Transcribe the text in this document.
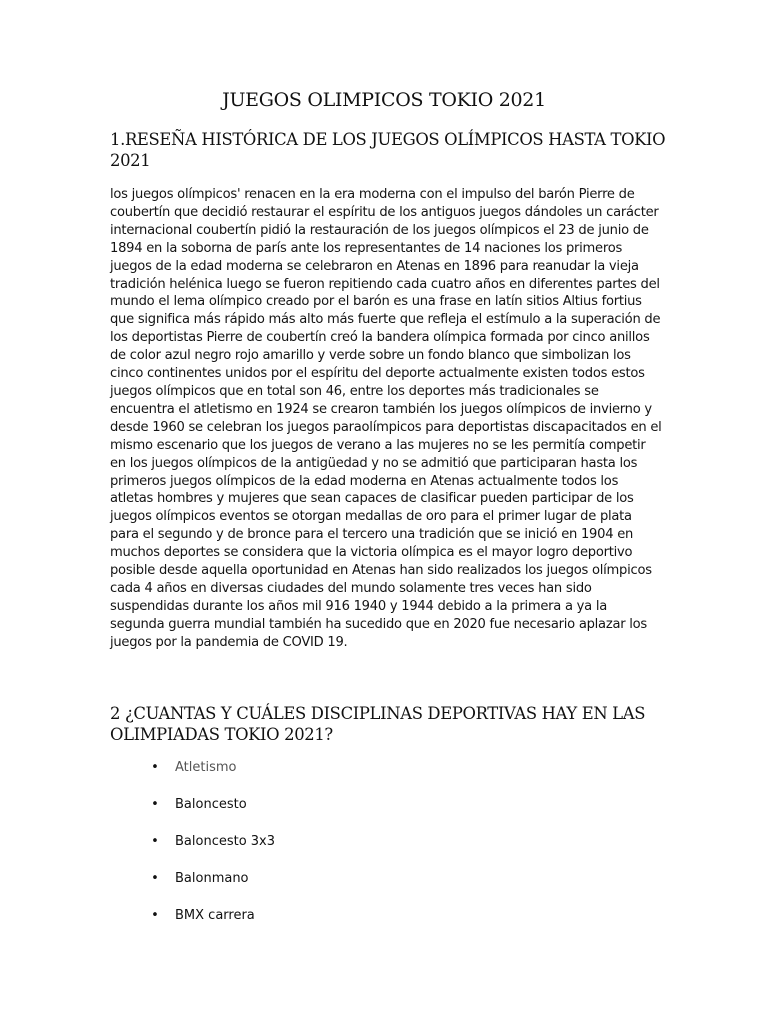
JUEGOS OLIMPICOS TOKIO 2021
1.RESEÑA HISTÓRICA DE LOS JUEGOS OLÍMPICOS HASTA TOKIO 2021

los juegos olímpicos' renacen en la era moderna con el impulso del barón Pierre de coubertín que decidió restaurar el espíritu de los antiguos juegos dándoles un carácter internacional coubertín pidió la restauración de los juegos olímpicos el 23 de junio de 1894 en la soborna de parís ante los representantes de 14 naciones los primeros juegos de la edad moderna se celebraron en Atenas en 1896 para reanudar la vieja tradición helénica luego se fueron repitiendo cada cuatro años en diferentes partes del mundo el lema olímpico creado por el barón es una frase en latín sitios Altius fortius que significa más rápido más alto más fuerte que refleja el estímulo a la superación de los deportistas Pierre de coubertín creó la bandera olímpica formada por cinco anillos de color azul negro rojo amarillo y verde sobre un fondo blanco que simbolizan los cinco continentes unidos por el espíritu del deporte actualmente existen todos estos juegos olímpicos que en total son 46, entre los deportes más tradicionales se encuentra el atletismo en 1924 se crearon también los juegos olímpicos de invierno y desde 1960 se celebran los juegos paraolímpicos para deportistas discapacitados en el mismo escenario que los juegos de verano a las mujeres no se les permitía competir en los juegos olímpicos de la antigüedad y no se admitió que participaran hasta los primeros juegos olímpicos de la edad moderna en Atenas actualmente todos los atletas hombres y mujeres que sean capaces de clasificar pueden participar de los juegos olímpicos eventos se otorgan medallas de oro para el primer lugar de plata para el segundo y de bronce para el tercero una tradición que se inició en 1904 en muchos deportes se considera que la victoria olímpica es el mayor logro deportivo posible desde aquella oportunidad en Atenas han sido realizados los juegos olímpicos cada 4 años en diversas ciudades del mundo solamente tres veces han sido suspendidas durante los años mil 916 1940 y 1944 debido a la primera a ya la segunda guerra mundial también ha sucedido que en 2020 fue necesario aplazar los juegos por la pandemia de COVID 19.

2 ¿CUANTAS Y CUÁLES DISCIPLINAS DEPORTIVAS HAY EN LAS OLIMPIADAS TOKIO 2021?
• Atletismo
• Baloncesto
• Baloncesto 3x3
• Balonmano
• BMX carrera
